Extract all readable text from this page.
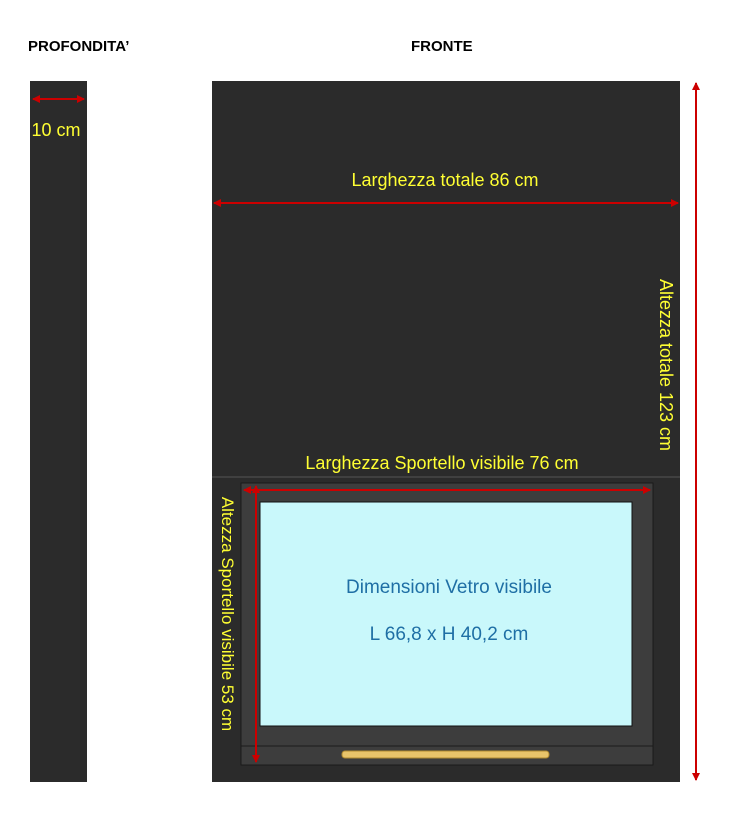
PROFONDITA’	FRONTE
10 cm
Larghezza totale 86 cm
Altezza totale 123 cm
Larghezza Sportello visibile 76 cm
Altezza Sportello visibile 53 cm	Dimensioni Vetro visibile
L 66,8 x H 40,2 cm
